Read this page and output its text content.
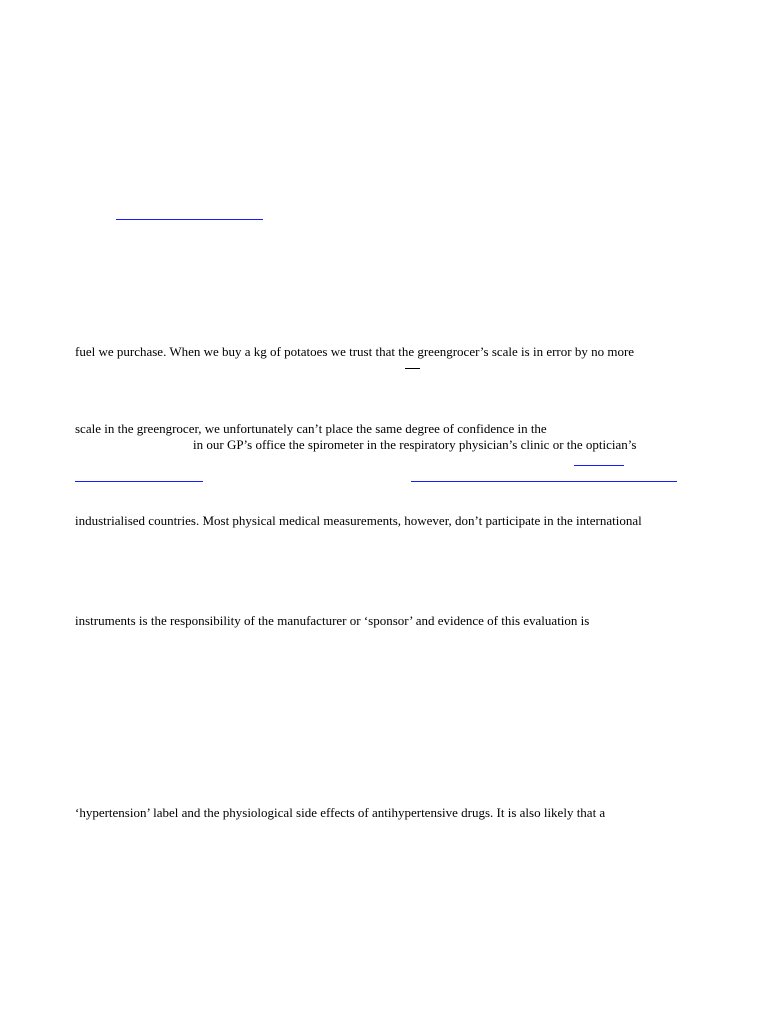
fuel we purchase. When we buy a kg of potatoes we trust that the greengrocer’s scale is in error by no more
scale in the greengrocer, we unfortunately can’t place the same degree of confidence in the
in our GP’s office the spirometer in the respiratory physician’s clinic or the optician’s
industrialised countries. Most physical medical measurements, however, don’t participate in the international
instruments is the responsibility of the manufacturer or ‘sponsor’ and evidence of this evaluation is
‘hypertension’ label and the physiological side effects of antihypertensive drugs. It is also likely that a
